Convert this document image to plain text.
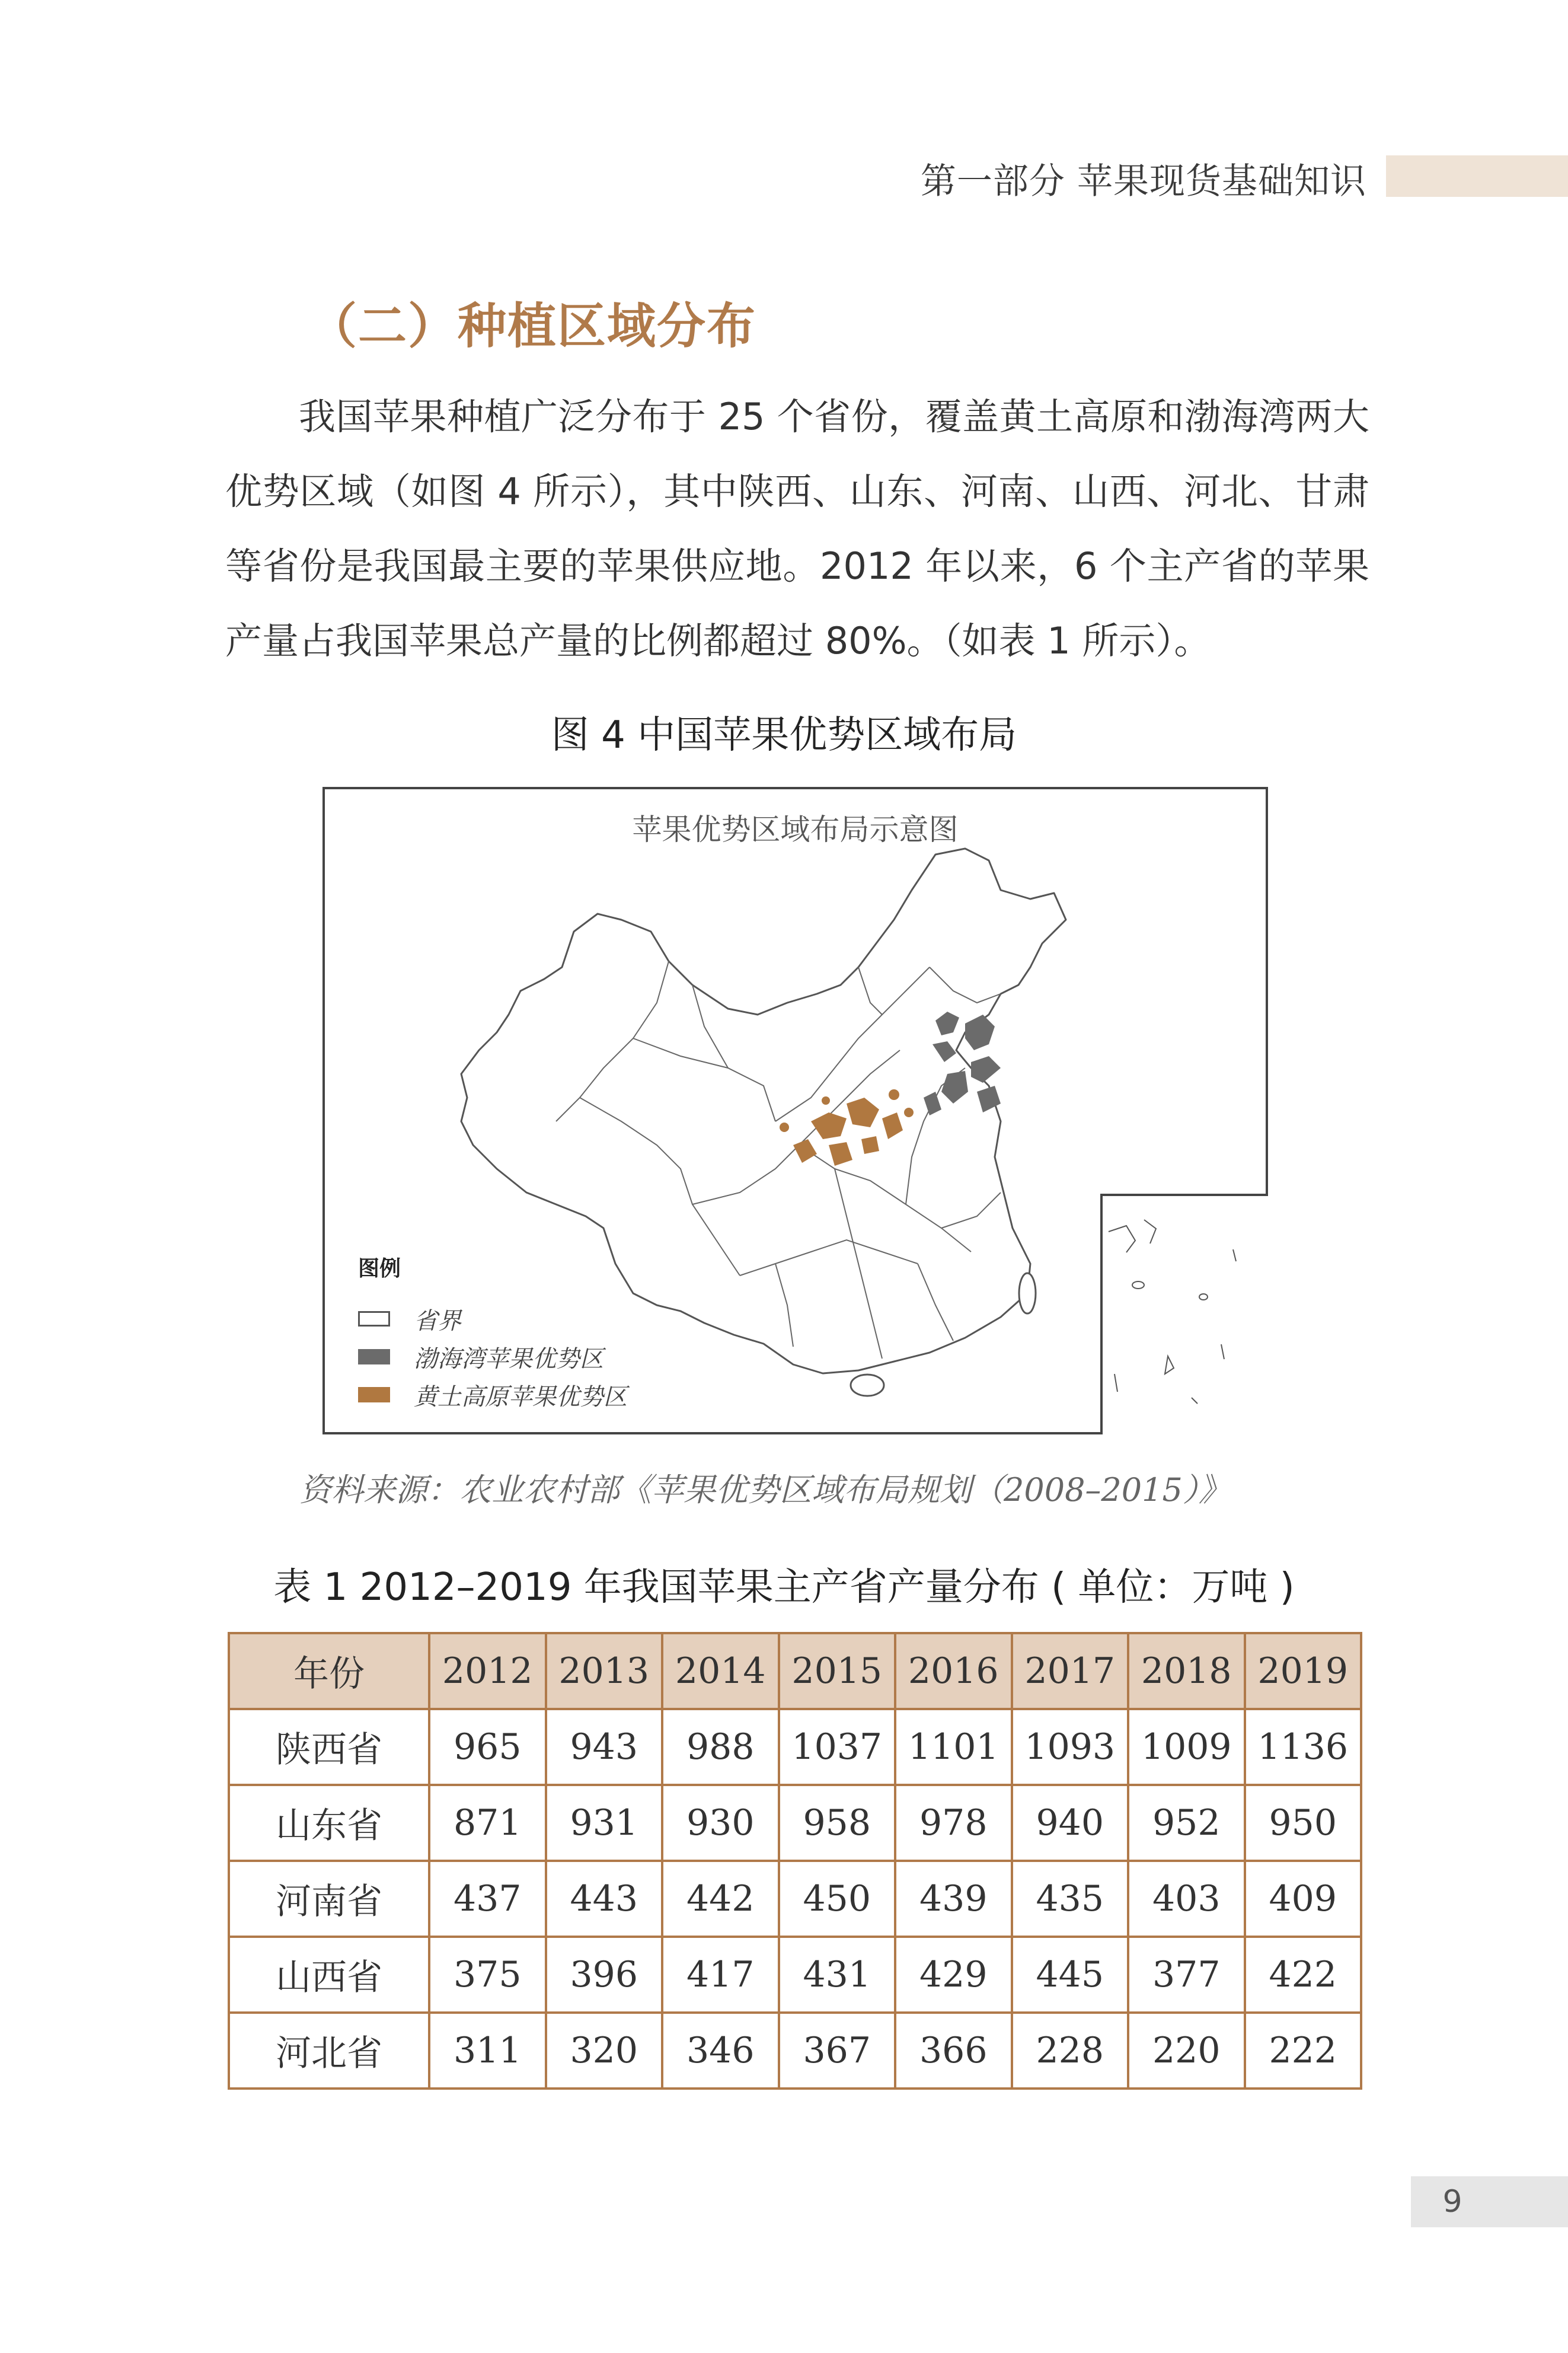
第一部分 苹果现货基础知识
（二）种植区域分布

我国苹果种植广泛分布于 25 个省份，覆盖黄土高原和渤海湾两大优势区域（如图 4 所示），其中陕西、山东、河南、山西、河北、甘肃等省份是我国最主要的苹果供应地。2012 年以来，6 个主产省的苹果产量占我国苹果总产量的比例都超过 80%。（如表 1 所示）。

图 4 中国苹果优势区域布局
苹果优势区域布局示意图
图例
省界
渤海湾苹果优势区
黄土高原苹果优势区
资料来源：农业农村部《苹果优势区域布局规划（2008–2015）》
表 1 2012–2019 年我国苹果主产省产量分布 ( 单位：万吨 )
年份	2012	2013	2014	2015	2016	2017	2018	2019
陕西省	965	943	988	1037	1101	1093	1009	1136
山东省	871	931	930	958	978	940	952	950
河南省	437	443	442	450	439	435	403	409
山西省	375	396	417	431	429	445	377	422
河北省	311	320	346	367	366	228	220	222
9
